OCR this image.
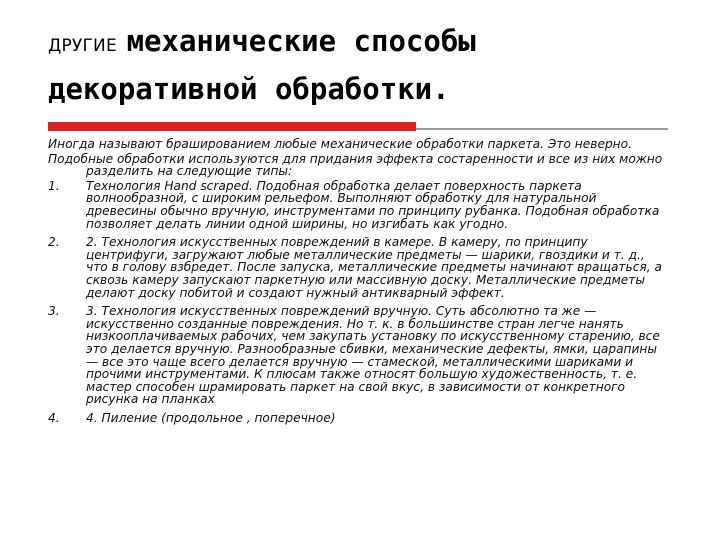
ДРУГИЕ механические способы
декоративной обработки.

Иногда называют брашированием любые механические обработки паркета. Это неверно.

Подобные обработки используются для придания эффекта состаренности и все из них можно разделить на следующие типы:

1. Технология Hand scraped. Подобная обработка делает поверхность паркета волнообразной, с широким рельефом. Выполняют обработку для натуральной древесины обычно вручную, инструментами по принципу рубанка. Подобная обработка позволяет делать линии одной ширины, но изгибать как угодно.
2. 2. Технология искусственных повреждений в камере. В камеру, по принципу центрифуги, загружают любые металлические предметы — шарики, гвоздики и т. д., что в голову взбредет. После запуска, металлические предметы начинают вращаться, а сквозь камеру запускают паркетную или массивную доску. Металлические предметы делают доску побитой и создают нужный антикварный эффект.
3. 3. Технология искусственных повреждений вручную. Суть абсолютно та же — искусственно созданные повреждения. Но т. к. в большинстве стран легче нанять низкооплачиваемых рабочих, чем закупать установку по искусственному старению, все это делается вручную. Разнообразные сбивки, механические дефекты, ямки, царапины — все это чаще всего делается вручную — стамеской, металлическими шариками и прочими инструментами. К плюсам также относят большую художественность, т. е. мастер способен шрамировать паркет на свой вкус, в зависимости от конкретного рисунка на планках
4. 4. Пиление (продольное , поперечное)
